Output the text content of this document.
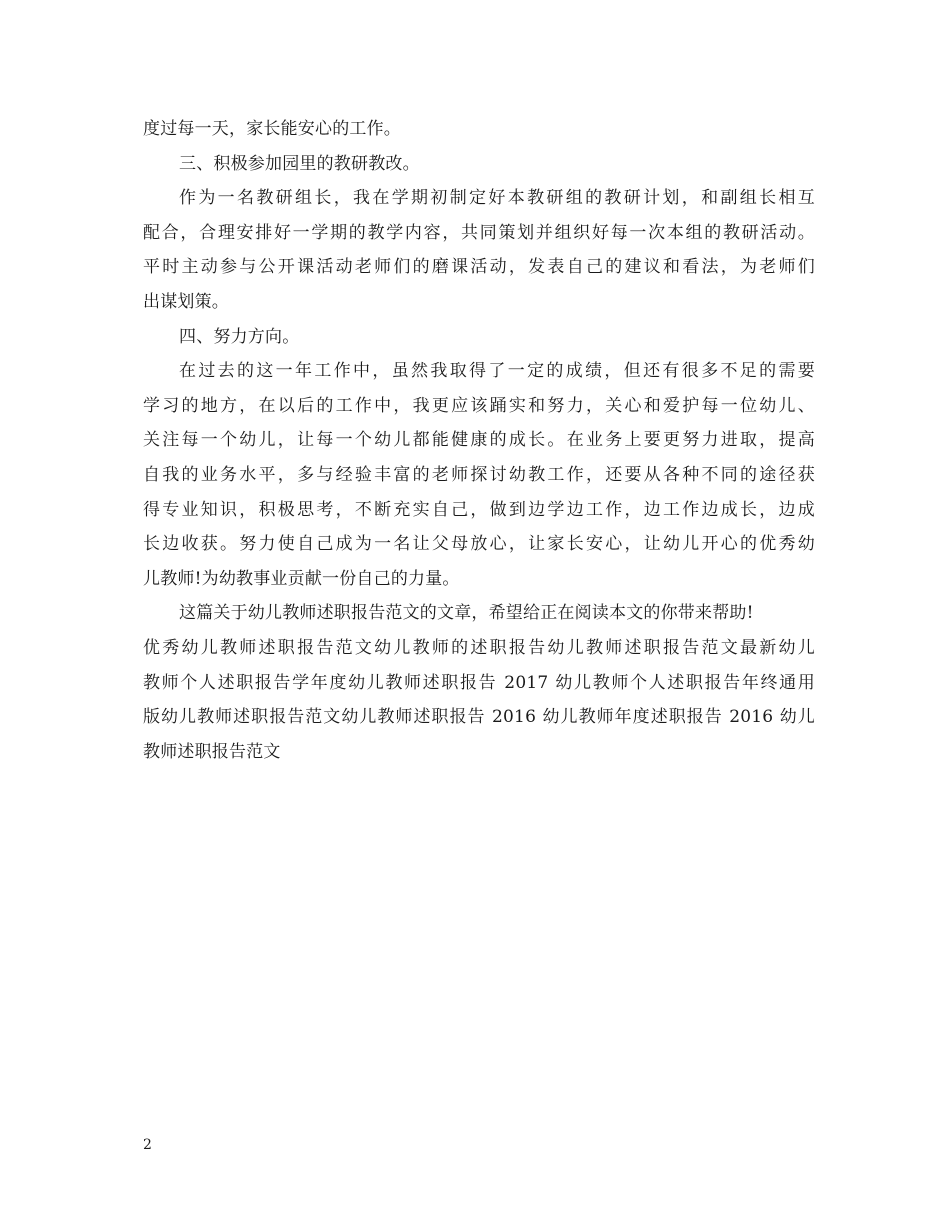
度过每一天，家长能安心的工作。
三、积极参加园里的教研教改。
作为一名教研组长，我在学期初制定好本教研组的教研计划，和副组长相互
配合，合理安排好一学期的教学内容，共同策划并组织好每一次本组的教研活动。
平时主动参与公开课活动老师们的磨课活动，发表自己的建议和看法，为老师们
出谋划策。
四、努力方向。
在过去的这一年工作中，虽然我取得了一定的成绩，但还有很多不足的需要
学习的地方，在以后的工作中，我更应该踊实和努力，关心和爱护每一位幼儿、
关注每一个幼儿，让每一个幼儿都能健康的成长。在业务上要更努力进取，提高
自我的业务水平，多与经验丰富的老师探讨幼教工作，还要从各种不同的途径获
得专业知识，积极思考，不断充实自己，做到边学边工作，边工作边成长，边成
长边收获。努力使自己成为一名让父母放心，让家长安心，让幼儿开心的优秀幼
儿教师!为幼教事业贡献一份自己的力量。
这篇关于幼儿教师述职报告范文的文章，希望给正在阅读本文的你带来帮助!
优秀幼儿教师述职报告范文幼儿教师的述职报告幼儿教师述职报告范文最新幼儿
教师个人述职报告学年度幼儿教师述职报告 2017 幼儿教师个人述职报告年终通用
版幼儿教师述职报告范文幼儿教师述职报告 2016 幼儿教师年度述职报告 2016 幼儿
教师述职报告范文
2
